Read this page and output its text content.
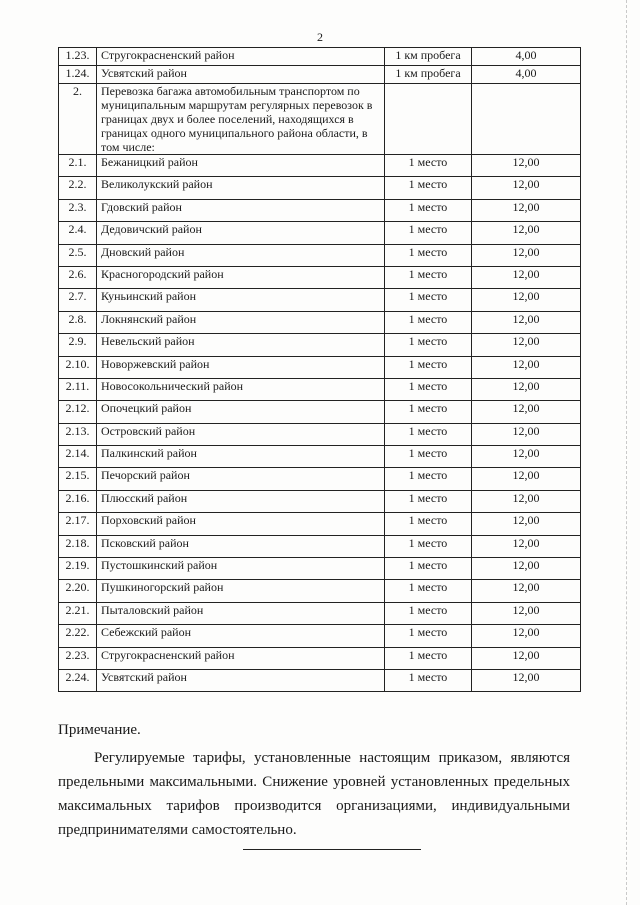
2
1.23.	Стругокрасненский район	1 км пробега	4,00
1.24.	Усвятский район	1 км пробега	4,00
2.	Перевозка багажа автомобильным транспортом по муниципальным маршрутам регулярных перевозок в границах двух и более поселений, находящихся в границах одного муниципального района области, в том числе:		
2.1.	Бежаницкий район	1 место	12,00
2.2.	Великолукский район	1 место	12,00
2.3.	Гдовский район	1 место	12,00
2.4.	Дедовичский район	1 место	12,00
2.5.	Дновский район	1 место	12,00
2.6.	Красногородский район	1 место	12,00
2.7.	Куньинский район	1 место	12,00
2.8.	Локнянский район	1 место	12,00
2.9.	Невельский район	1 место	12,00
2.10.	Новоржевский район	1 место	12,00
2.11.	Новосокольнический район	1 место	12,00
2.12.	Опочецкий район	1 место	12,00
2.13.	Островский район	1 место	12,00
2.14.	Палкинский район	1 место	12,00
2.15.	Печорский район	1 место	12,00
2.16.	Плюсский район	1 место	12,00
2.17.	Порховский район	1 место	12,00
2.18.	Псковский район	1 место	12,00
2.19.	Пустошкинский район	1 место	12,00
2.20.	Пушкиногорский район	1 место	12,00
2.21.	Пыталовский район	1 место	12,00
2.22.	Себежский район	1 место	12,00
2.23.	Стругокрасненский район	1 место	12,00
2.24.	Усвятский район	1 место	12,00
Примечание.
Регулируемые тарифы, установленные настоящим приказом, являются предельными максимальными. Снижение уровней установленных предельных максимальных тарифов производится организациями, индивидуальными предпринимателями самостоятельно.
